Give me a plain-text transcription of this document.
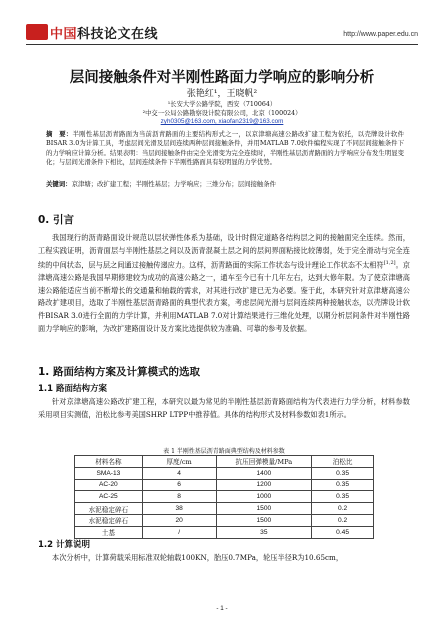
中国科技论文在线	http://www.paper.edu.cn
层间接触条件对半刚性路面力学响应的影响分析
张艳红¹，王晓帆²
¹长安大学公路学院，西安（710064）
²中交一公局公路勘察设计院有限公司，北京（100024）
zyh0305@163.com, xiaofan2319@163.com
摘　要：半刚性基层沥青路面为当前沥青路面的主要结构形式之一，以京津塘高速公路改扩建工程为依托，以壳牌设计软件BISAR 3.0为计算工具，考虑层间光滑及层间连续两种层间接触条件，并用MATLAB 7.0软件编程实现了不同层间接触条件下的力学响应计算分析。结果表明：当层间接触条件由完全光滑变为完全连续时，半刚性基层沥青路面的力学响应分布发生明显变化；与层间光滑条件下相比，层间连续条件下半刚性路面具有较明显的力学优势。
关键词：京津塘；改扩建工程；半刚性基层；力学响应；三维分布；层间接触条件
0. 引言
我国现行的沥青路面设计规范以层状弹性体系为基础，设计时假定道路各结构层之间的接触面完全连续。然而，工程实践证明，沥青面层与半刚性基层之间以及沥青混凝土层之间的层间界面粘接比较薄弱，处于完全滑动与完全连续的中间状态，层与层之间通过接触传递应力。这样，沥青路面的实际工作状态与设计理论工作状态不太相符[1,2]。京津塘高速公路是我国早期修建较为成功的高速公路之一，通车至今已有十几年左右，达到大修年限。为了使京津塘高速公路能适应当前不断增长的交通量和轴载的需求，对其进行改扩建已无为必要。鉴于此，本研究针对京津塘高速公路改扩建项目，选取了半刚性基层沥青路面的典型代表方案，考虑层间光滑与层间连续两种接触状态，以壳牌设计软件BISAR 3.0进行全面的力学计算，并利用MATLAB 7.0对计算结果进行三维化处理，以期分析层间条件对半刚性路面力学响应的影响，为改扩建路面设计及方案比选提供较为准确、可靠的参考及依据。
1. 路面结构方案及计算模式的选取
1.1 路面结构方案
针对京津塘高速公路改扩建工程，本研究以最为常见的半刚性基层沥青路面结构为代表进行力学分析，材料参数采用项目实测值，泊松比参考美国SHRP LTPP中推荐值。具体的结构形式及材料参数如表1所示。
表 1 半刚性基层沥青路面典型结构及材料参数
材料名称	厚度/cm	抗压回弹模量/MPa	泊松比
SMA-13	4	1400	0.35
AC-20	6	1200	0.35
AC-25	8	1000	0.35
水泥稳定碎石	38	1500	0.2
水泥稳定碎石	20	1500	0.2
土基	/	35	0.45
1.2 计算说明
本次分析中，计算荷载采用标准双轮轴载100KN，胎压0.7MPa，轮压半径R为10.65cm，
- 1 -
